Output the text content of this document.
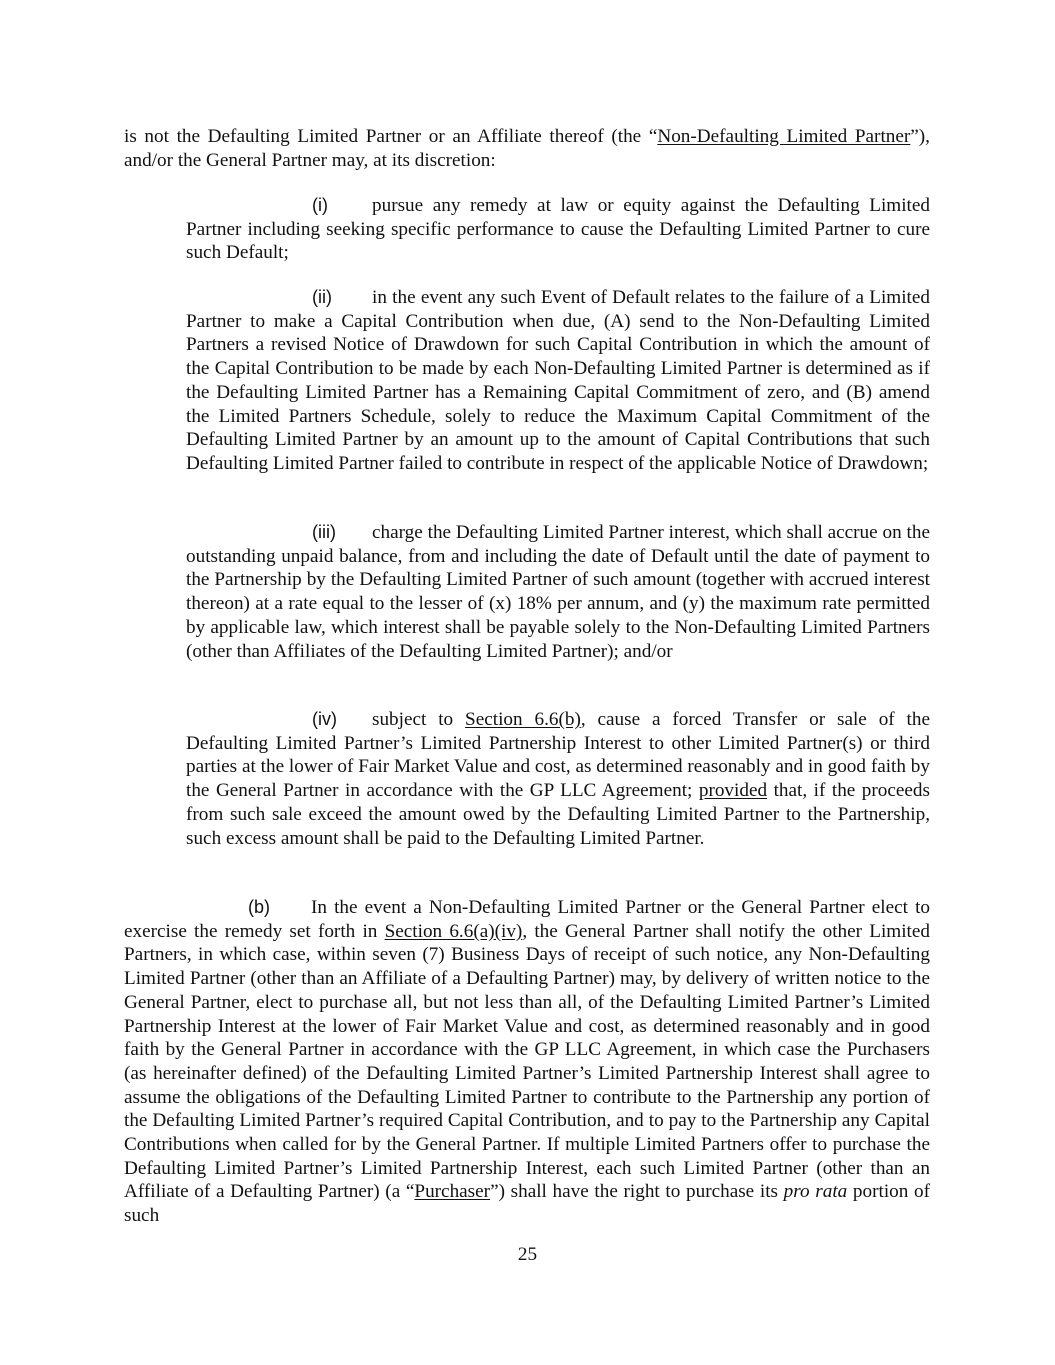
is not the Defaulting Limited Partner or an Affiliate thereof (the “Non-Defaulting Limited Partner”), and/or the General Partner may, at its discretion:

(i) pursue any remedy at law or equity against the Defaulting Limited Partner including seeking specific performance to cause the Defaulting Limited Partner to cure such Default;

(ii) in the event any such Event of Default relates to the failure of a Limited Partner to make a Capital Contribution when due, (A) send to the Non-Defaulting Limited Partners a revised Notice of Drawdown for such Capital Contribution in which the amount of the Capital Contribution to be made by each Non-Defaulting Limited Partner is determined as if the Defaulting Limited Partner has a Remaining Capital Commitment of zero, and (B) amend the Limited Partners Schedule, solely to reduce the Maximum Capital Commitment of the Defaulting Limited Partner by an amount up to the amount of Capital Contributions that such Defaulting Limited Partner failed to contribute in respect of the applicable Notice of Drawdown;

(iii) charge the Defaulting Limited Partner interest, which shall accrue on the outstanding unpaid balance, from and including the date of Default until the date of payment to the Partnership by the Defaulting Limited Partner of such amount (together with accrued interest thereon) at a rate equal to the lesser of (x) 18% per annum, and (y) the maximum rate permitted by applicable law, which interest shall be payable solely to the Non-Defaulting Limited Partners (other than Affiliates of the Defaulting Limited Partner); and/or

(iv) subject to Section 6.6(b), cause a forced Transfer or sale of the Defaulting Limited Partner’s Limited Partnership Interest to other Limited Partner(s) or third parties at the lower of Fair Market Value and cost, as determined reasonably and in good faith by the General Partner in accordance with the GP LLC Agreement; provided that, if the proceeds from such sale exceed the amount owed by the Defaulting Limited Partner to the Partnership, such excess amount shall be paid to the Defaulting Limited Partner.

(b) In the event a Non-Defaulting Limited Partner or the General Partner elect to exercise the remedy set forth in Section 6.6(a)(iv), the General Partner shall notify the other Limited Partners, in which case, within seven (7) Business Days of receipt of such notice, any Non-Defaulting Limited Partner (other than an Affiliate of a Defaulting Partner) may, by delivery of written notice to the General Partner, elect to purchase all, but not less than all, of the Defaulting Limited Partner’s Limited Partnership Interest at the lower of Fair Market Value and cost, as determined reasonably and in good faith by the General Partner in accordance with the GP LLC Agreement, in which case the Purchasers (as hereinafter defined) of the Defaulting Limited Partner’s Limited Partnership Interest shall agree to assume the obligations of the Defaulting Limited Partner to contribute to the Partnership any portion of the Defaulting Limited Partner’s required Capital Contribution, and to pay to the Partnership any Capital Contributions when called for by the General Partner. If multiple Limited Partners offer to purchase the Defaulting Limited Partner’s Limited Partnership Interest, each such Limited Partner (other than an Affiliate of a Defaulting Partner) (a “Purchaser”) shall have the right to purchase its pro rata portion of such

25
